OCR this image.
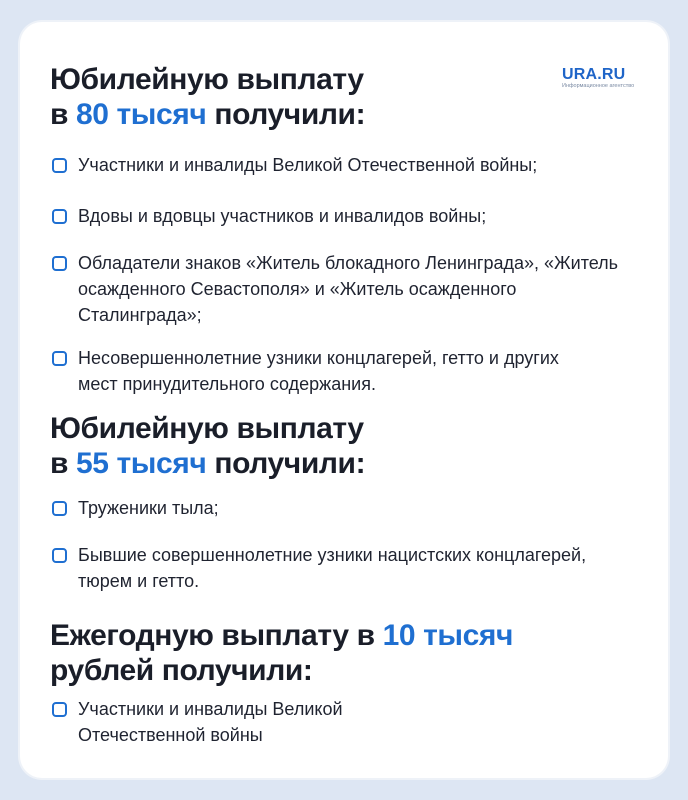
URA.RU
Информационное агентство
Юбилейную выплату
в 80 тысяч получили:
Участники и инвалиды Великой Отечественной войны;
Вдовы и вдовцы участников и инвалидов войны;
Обладатели знаков «Житель блокадного Ленинграда», «Житель осажденного Севастополя» и «Житель осажденного Сталинграда»;
Несовершеннолетние узники концлагерей, гетто и других мест принудительного содержания.
Юбилейную выплату
в 55 тысяч получили:
Труженики тыла;
Бывшие совершеннолетние узники нацистских концлагерей, тюрем и гетто.
Ежегодную выплату в 10 тысяч
рублей получили:
Участники и инвалиды Великой Отечественной войны
